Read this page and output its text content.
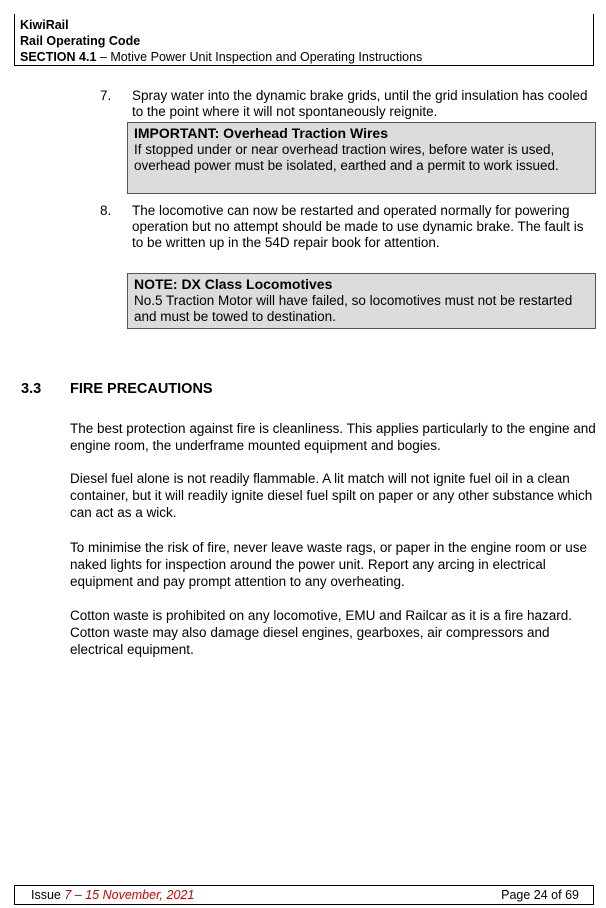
KiwiRail
Rail Operating Code
SECTION 4.1 – Motive Power Unit Inspection and Operating Instructions
7.	Spray water into the dynamic brake grids, until the grid insulation has cooled to the point where it will not spontaneously reignite.
IMPORTANT: Overhead Traction Wires
If stopped under or near overhead traction wires, before water is used, overhead power must be isolated, earthed and a permit to work issued.
8.	The locomotive can now be restarted and operated normally for powering operation but no attempt should be made to use dynamic brake. The fault is to be written up in the 54D repair book for attention.
NOTE: DX Class Locomotives
No.5 Traction Motor will have failed, so locomotives must not be restarted and must be towed to destination.
3.3 FIRE PRECAUTIONS
The best protection against fire is cleanliness. This applies particularly to the engine and engine room, the underframe mounted equipment and bogies.
Diesel fuel alone is not readily flammable. A lit match will not ignite fuel oil in a clean container, but it will readily ignite diesel fuel spilt on paper or any other substance which can act as a wick.
To minimise the risk of fire, never leave waste rags, or paper in the engine room or use naked lights for inspection around the power unit. Report any arcing in electrical equipment and pay prompt attention to any overheating.
Cotton waste is prohibited on any locomotive, EMU and Railcar as it is a fire hazard. Cotton waste may also damage diesel engines, gearboxes, air compressors and electrical equipment.
Issue 7 – 15 November, 2021	Page 24 of 69
